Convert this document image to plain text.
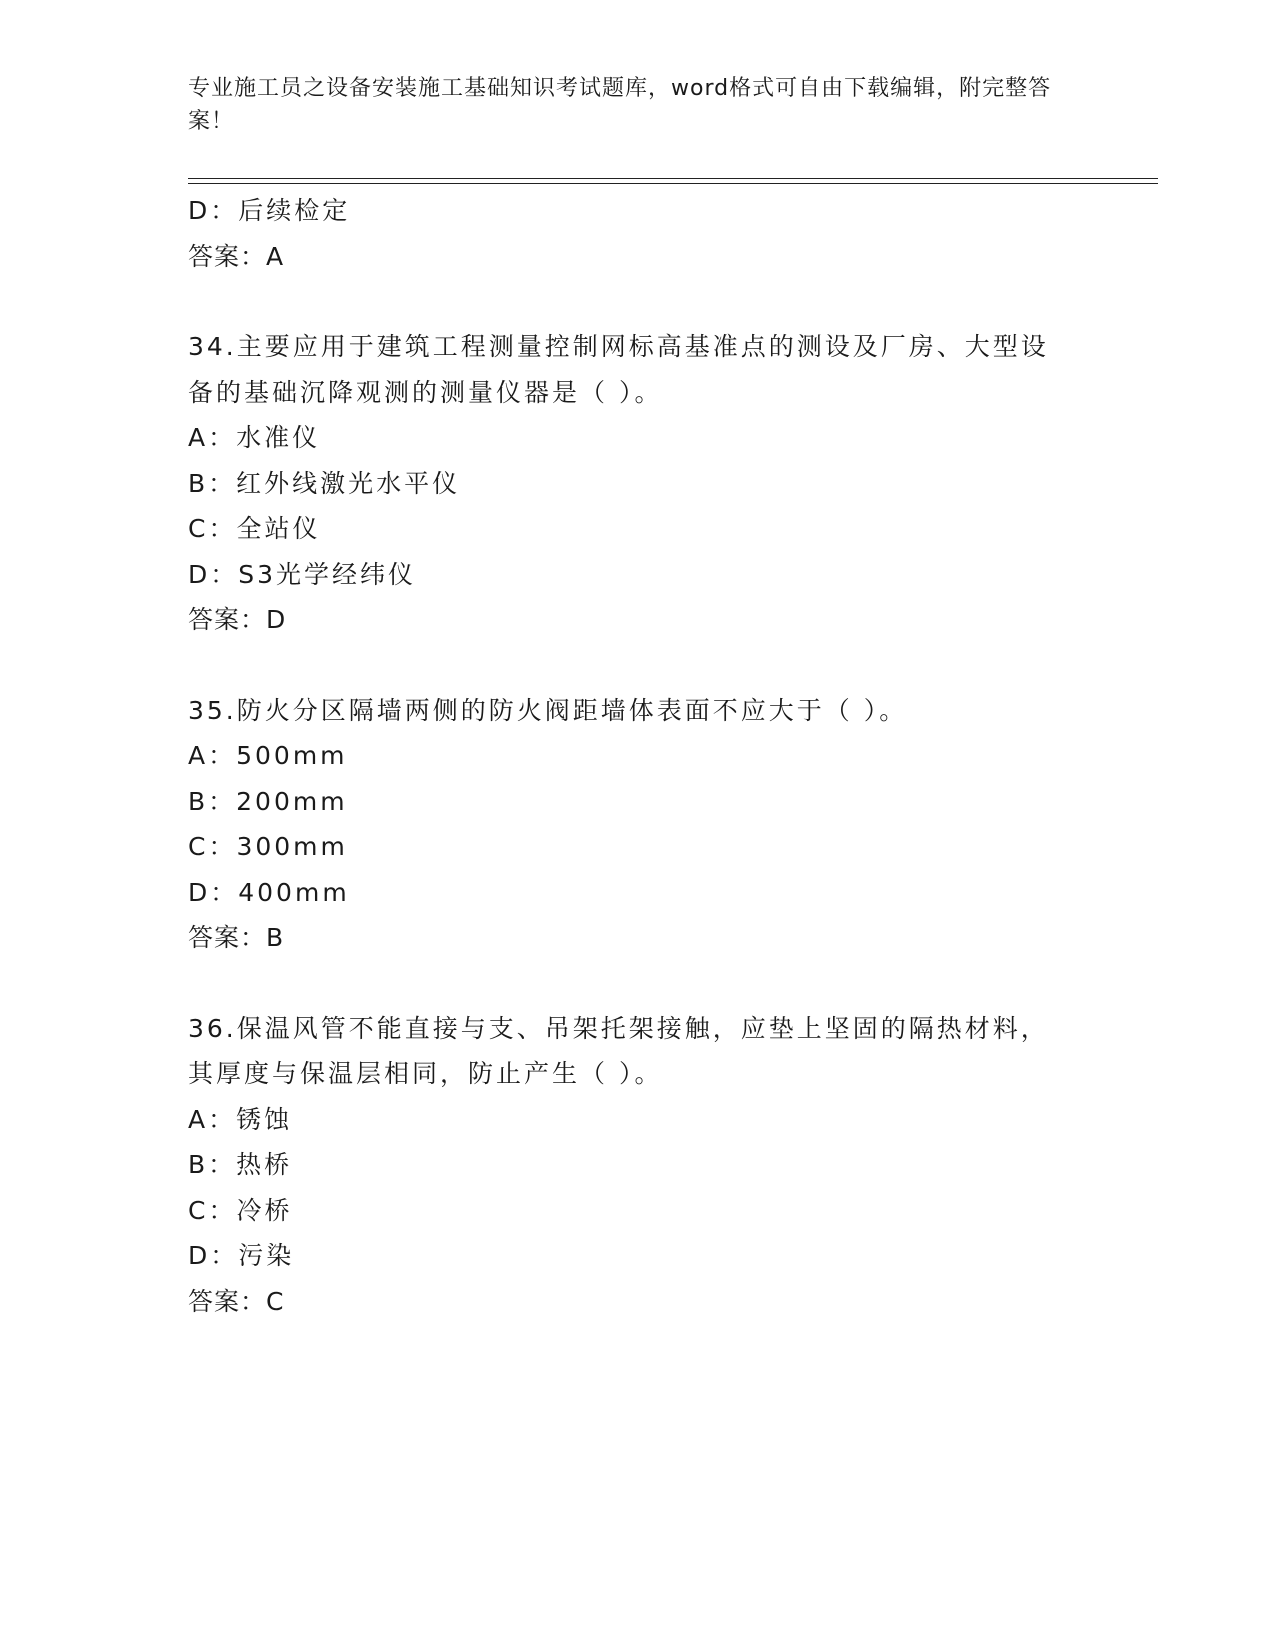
专业施工员之设备安装施工基础知识考试题库，word格式可自由下载编辑，附完整答案！
D：后续检定
答案：A
34.主要应用于建筑工程测量控制网标高基准点的测设及厂房、大型设
备的基础沉降观测的测量仪器是（ ）。
A：水准仪
B：红外线激光水平仪
C：全站仪
D：S3光学经纬仪
答案：D
35.防火分区隔墙两侧的防火阀距墙体表面不应大于（ ）。
A：500mm
B：200mm
C：300mm
D：400mm
答案：B
36.保温风管不能直接与支、吊架托架接触，应垫上坚固的隔热材料，
其厚度与保温层相同，防止产生（ ）。
A：锈蚀
B：热桥
C：冷桥
D：污染
答案：C
